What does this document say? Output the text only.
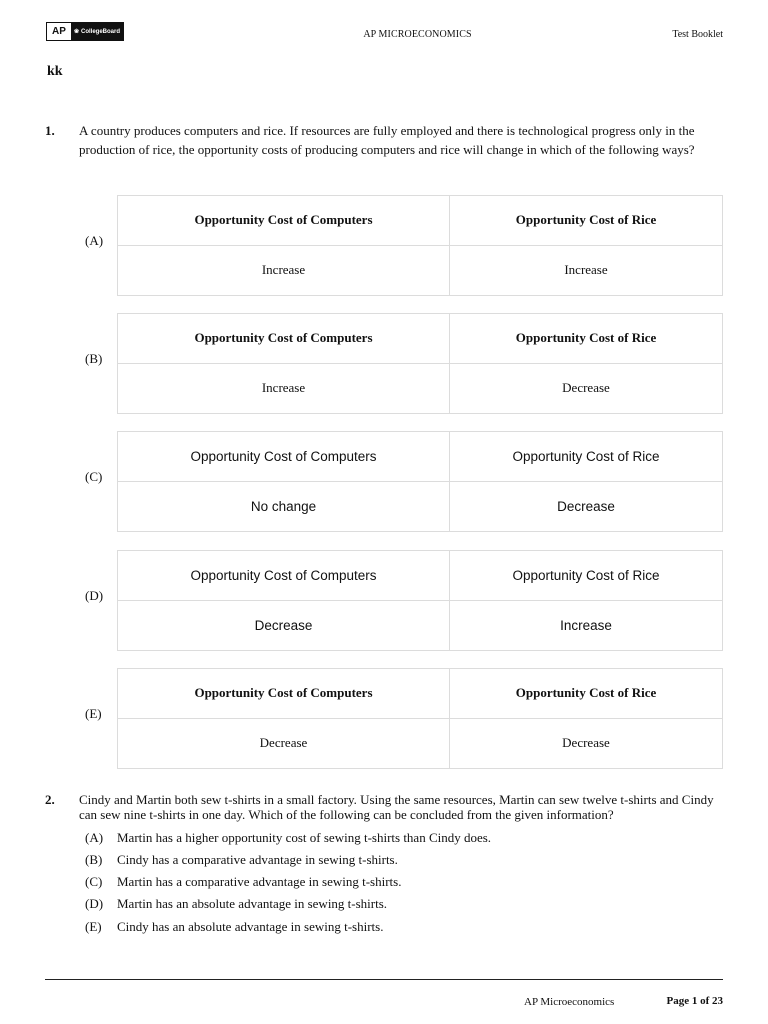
AP	❀ CollegeBoard	AP MICROECONOMICS	Test Booklet
kk
1. A country produces computers and rice. If resources are fully employed and there is technological progress only in the production of rice, the opportunity costs of producing computers and rice will change in which of the following ways?
(A)
Opportunity Cost of Computers	Opportunity Cost of Rice
Increase	Increase
(B)
Opportunity Cost of Computers	Opportunity Cost of Rice
Increase	Decrease
(C)
Opportunity Cost of Computers	Opportunity Cost of Rice
No change	Decrease
(D)
Opportunity Cost of Computers	Opportunity Cost of Rice
Decrease	Increase
(E)
Opportunity Cost of Computers	Opportunity Cost of Rice
Decrease	Decrease
2. Cindy and Martin both sew t-shirts in a small factory. Using the same resources, Martin can sew twelve t-shirts and Cindy can sew nine t-shirts in one day. Which of the following can be concluded from the given information?
(A)	Martin has a higher opportunity cost of sewing t-shirts than Cindy does.
(B)	Cindy has a comparative advantage in sewing t-shirts.
(C)	Martin has a comparative advantage in sewing t-shirts.
(D)	Martin has an absolute advantage in sewing t-shirts.
(E)	Cindy has an absolute advantage in sewing t-shirts.
AP Microeconomics	Page 1 of 23
